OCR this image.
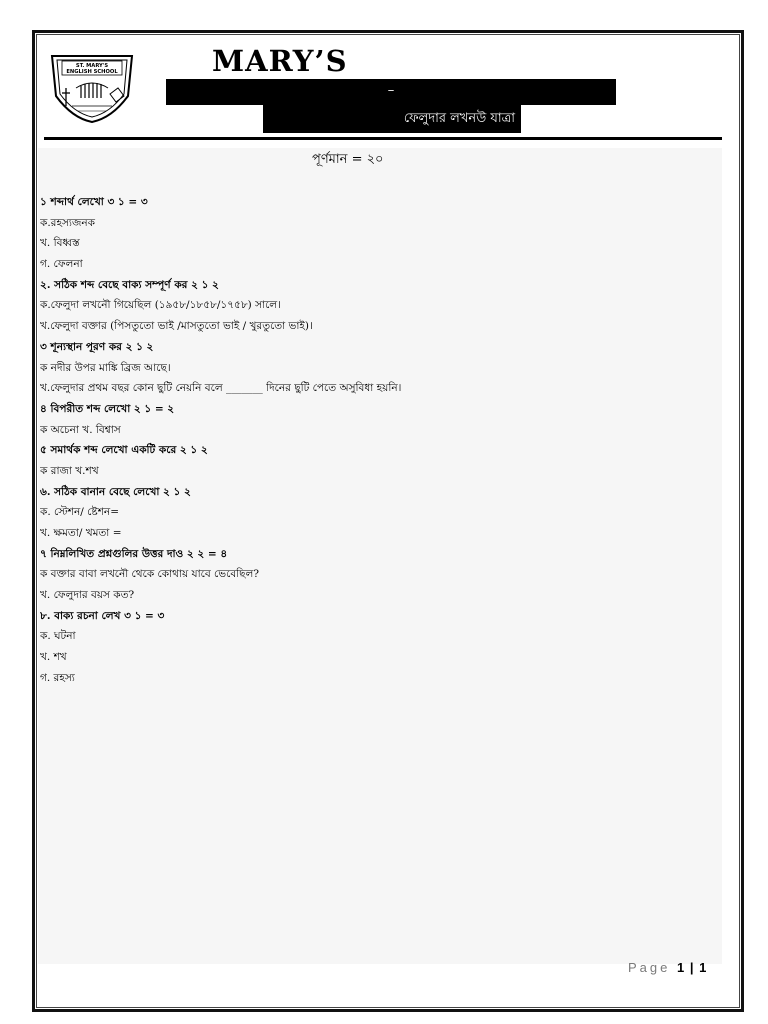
ST. MARY'S
ENGLISH SCHOOL	MARY’S
–
ফেলুদার লখনউ যাত্রা
পূর্ণমান = ২০
১ শব্দার্থ লেখো ৩ ১ = ৩
ক.রহস্যজনক
খ. বিধ্বস্ত
গ. ফেলনা
২. সঠিক শব্দ বেছে বাক্য সম্পূর্ণ কর ২ ১ ২
ক.ফেলুদা লখনৌ গিয়েছিল (১৯৫৮/১৮৫৮/১৭৫৮) সালে।
খ.ফেলুদা বক্তার (পিসতুতো ভাই /মাসতুতো ভাই / খুরতুতো ভাই)।
৩ শূন্যস্থান পূরণ কর ২ ১ ২
ক নদীর উপর মাঙ্কি ব্রিজ আছে।
খ.ফেলুদার প্রথম বছর কোন ছুটি নেয়নি বলে _______ দিনের ছুটি পেতে অসুবিধা হয়নি।
৪ বিপরীত শব্দ লেখো ২ ১ = ২
ক অচেনা খ. বিশ্বাস
৫ সমার্থক শব্দ লেখো একটি করে ২ ১ ২
ক রাজা খ.শখ
৬. সঠিক বানান বেছে লেখো ২ ১ ২
ক. স্টেশন/ ষ্টেশন=
খ. ক্ষমতা/ খমতা =
৭ নিম্নলিখিত প্রশ্নগুলির উত্তর দাও ২ ২ = ৪
ক বক্তার বাবা লখনৌ থেকে কোথায় যাবে ভেবেছিল?
খ. ফেলুদার বয়স কত?
৮. বাক্য রচনা লেখ ৩ ১ = ৩
ক. ঘটনা
খ. শখ
গ. রহস্য
Page 1 | 1
